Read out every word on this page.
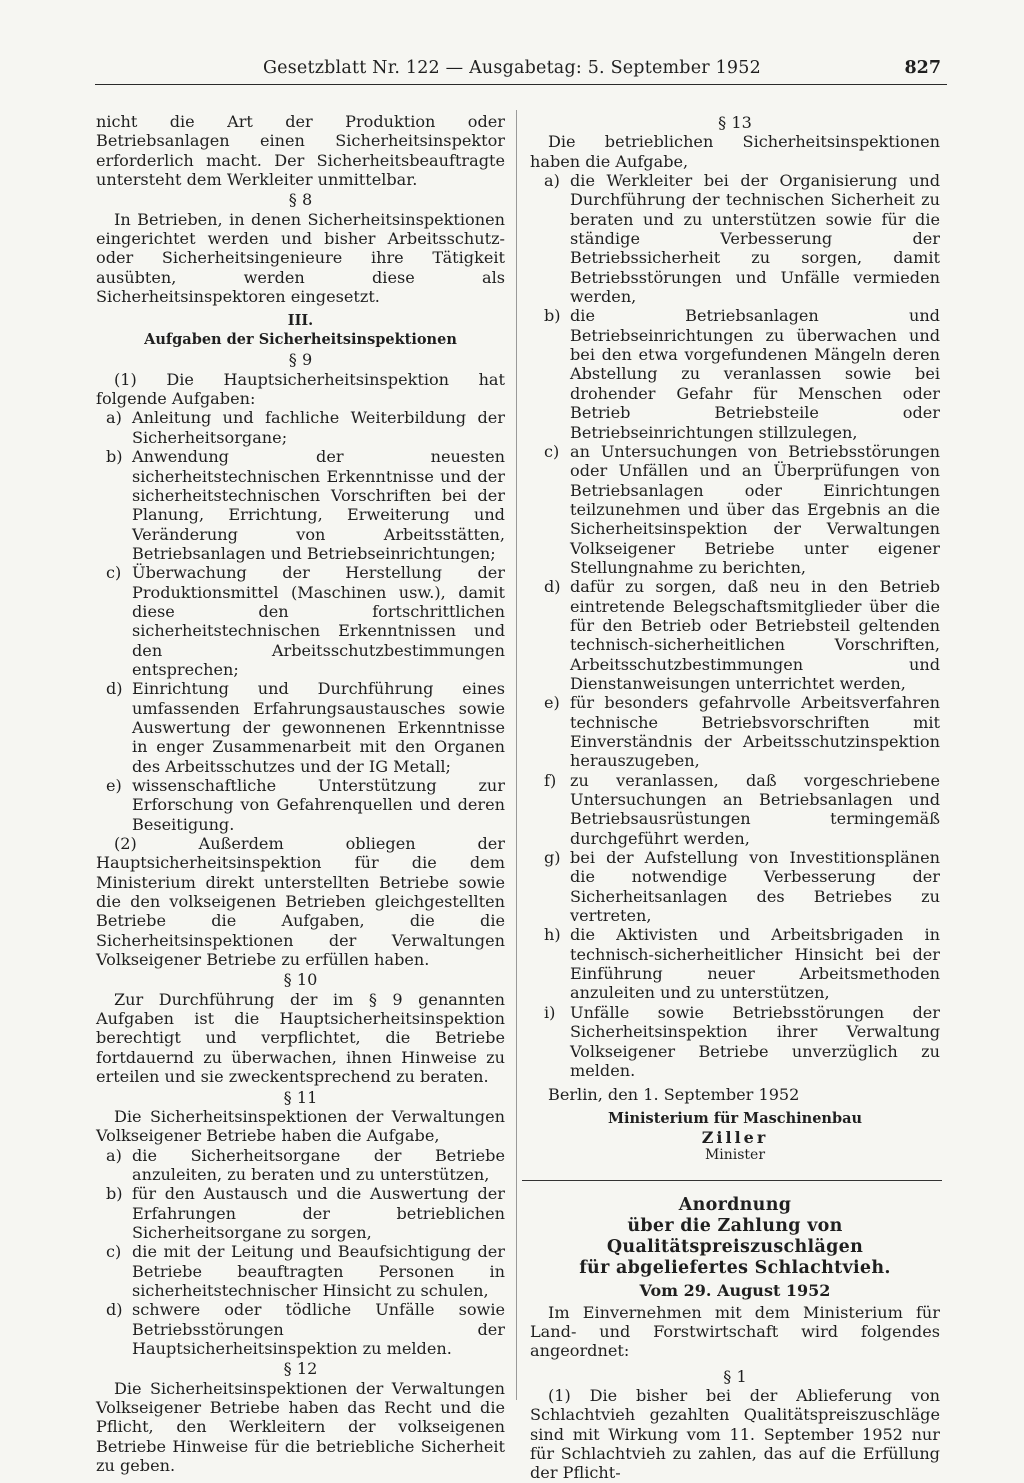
Gesetzblatt Nr. 122 — Ausgabetag: 5. September 1952	827

nicht die Art der Produktion oder Betriebsanlagen einen Sicherheitsinspektor erforderlich macht. Der Sicherheitsbeauftragte untersteht dem Werkleiter unmittelbar.

§ 8

In Betrieben, in denen Sicherheitsinspektionen eingerichtet werden und bisher Arbeitsschutz- oder Sicherheitsingenieure ihre Tätigkeit ausübten, werden diese als Sicherheitsinspektoren eingesetzt.

III.

Aufgaben der Sicherheitsinspektionen

§ 9

(1) Die Hauptsicherheitsinspektion hat folgende Aufgaben:

a) Anleitung und fachliche Weiterbildung der Sicherheitsorgane;
b) Anwendung der neuesten sicherheitstechnischen Erkenntnisse und der sicherheitstechnischen Vorschriften bei der Planung, Errichtung, Erweiterung und Veränderung von Arbeitsstätten, Betriebsanlagen und Betriebseinrichtungen;
c) Überwachung der Herstellung der Produktionsmittel (Maschinen usw.), damit diese den fortschrittlichen sicherheitstechnischen Erkenntnissen und den Arbeitsschutzbestimmungen entsprechen;
d) Einrichtung und Durchführung eines umfassenden Erfahrungsaustausches sowie Auswertung der gewonnenen Erkenntnisse in enger Zusammenarbeit mit den Organen des Arbeitsschutzes und der IG Metall;
e) wissenschaftliche Unterstützung zur Erforschung von Gefahrenquellen und deren Beseitigung.

(2) Außerdem obliegen der Hauptsicherheitsinspektion für die dem Ministerium direkt unterstellten Betriebe sowie die den volkseigenen Betrieben gleichgestellten Betriebe die Aufgaben, die die Sicherheitsinspektionen der Verwaltungen Volkseigener Betriebe zu erfüllen haben.

§ 10

Zur Durchführung der im § 9 genannten Aufgaben ist die Hauptsicherheitsinspektion berechtigt und verpflichtet, die Betriebe fortdauernd zu überwachen, ihnen Hinweise zu erteilen und sie zweckentsprechend zu beraten.

§ 11

Die Sicherheitsinspektionen der Verwaltungen Volkseigener Betriebe haben die Aufgabe,

a) die Sicherheitsorgane der Betriebe anzuleiten, zu beraten und zu unterstützen,
b) für den Austausch und die Auswertung der Erfahrungen der betrieblichen Sicherheitsorgane zu sorgen,
c) die mit der Leitung und Beaufsichtigung der Betriebe beauftragten Personen in sicherheitstechnischer Hinsicht zu schulen,
d) schwere oder tödliche Unfälle sowie Betriebsstörungen der Hauptsicherheitsinspektion zu melden.

§ 12

Die Sicherheitsinspektionen der Verwaltungen Volkseigener Betriebe haben das Recht und die Pflicht, den Werkleitern der volkseigenen Betriebe Hinweise für die betriebliche Sicherheit zu geben.

§ 13

Die betrieblichen Sicherheitsinspektionen haben die Aufgabe,

a) die Werkleiter bei der Organisierung und Durchführung der technischen Sicherheit zu beraten und zu unterstützen sowie für die ständige Verbesserung der Betriebssicherheit zu sorgen, damit Betriebsstörungen und Unfälle vermieden werden,
b) die Betriebsanlagen und Betriebseinrichtungen zu überwachen und bei den etwa vorgefundenen Mängeln deren Abstellung zu veranlassen sowie bei drohender Gefahr für Menschen oder Betrieb Betriebsteile oder Betriebseinrichtungen stillzulegen,
c) an Untersuchungen von Betriebsstörungen oder Unfällen und an Überprüfungen von Betriebsanlagen oder Einrichtungen teilzunehmen und über das Ergebnis an die Sicherheitsinspektion der Verwaltungen Volkseigener Betriebe unter eigener Stellungnahme zu berichten,
d) dafür zu sorgen, daß neu in den Betrieb eintretende Belegschaftsmitglieder über die für den Betrieb oder Betriebsteil geltenden technisch-sicherheitlichen Vorschriften, Arbeitsschutzbestimmungen und Dienstanweisungen unterrichtet werden,
e) für besonders gefahrvolle Arbeitsverfahren technische Betriebsvorschriften mit Einverständnis der Arbeitsschutzinspektion herauszugeben,
f) zu veranlassen, daß vorgeschriebene Untersuchungen an Betriebsanlagen und Betriebsausrüstungen termingemäß durchgeführt werden,
g) bei der Aufstellung von Investitionsplänen die notwendige Verbesserung der Sicherheitsanlagen des Betriebes zu vertreten,
h) die Aktivisten und Arbeitsbrigaden in technisch-sicherheitlicher Hinsicht bei der Einführung neuer Arbeitsmethoden anzuleiten und zu unterstützen,
i) Unfälle sowie Betriebsstörungen der Sicherheitsinspektion ihrer Verwaltung Volkseigener Betriebe unverzüglich zu melden.

Berlin, den 1. September 1952

Ministerium für Maschinenbau

Ziller

Minister

Anordnung

über die Zahlung von Qualitätspreiszuschlägen

für abgeliefertes Schlachtvieh.

Vom 29. August 1952

Im Einvernehmen mit dem Ministerium für Land- und Forstwirtschaft wird folgendes angeordnet:

§ 1

(1) Die bisher bei der Ablieferung von Schlachtvieh gezahlten Qualitätspreiszuschläge sind mit Wirkung vom 11. September 1952 nur für Schlachtvieh zu zahlen, das auf die Erfüllung der Pflicht-
